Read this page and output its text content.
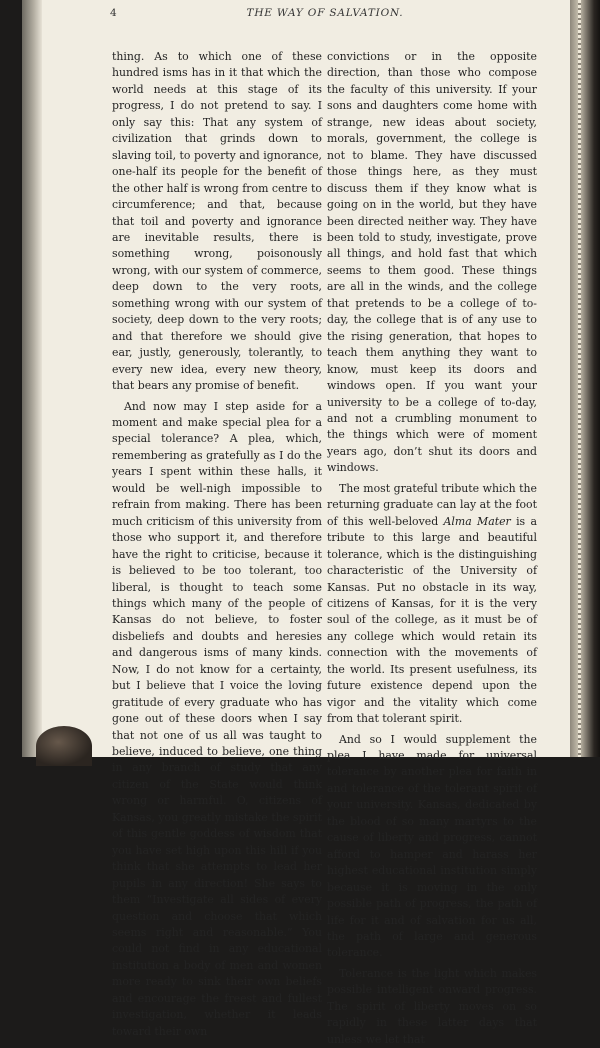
4	THE WAY OF SALVATION.

thing. As to which one of these hundred isms has in it that which the world needs at this stage of its progress, I do not pretend to say. I only say this: That any system of civilization that grinds down to slaving toil, to poverty and ignorance, one-half its people for the benefit of the other half is wrong from centre to circumference; and that, because that toil and poverty and ignorance are inevitable results, there is something wrong, poisonously wrong, with our system of commerce, deep down to the very roots, something wrong with our system of society, deep down to the very roots; and that therefore we should give ear, justly, generously, tolerantly, to every new idea, every new theory, that bears any promise of benefit.

And now may I step aside for a moment and make special plea for a special tolerance? A plea, which, remembering as gratefully as I do the years I spent within these halls, it would be well-nigh impossible to refrain from making. There has been much criticism of this university from those who support it, and therefore have the right to criticise, because it is believed to be too tolerant, too liberal, is thought to teach some things which many of the people of Kansas do not believe, to foster disbeliefs and doubts and heresies and dangerous isms of many kinds. Now, I do not know for a certainty, but I believe that I voice the loving gratitude of every graduate who has gone out of these doors when I say that not one of us all was taught to believe, induced to believe, one thing in any branch of study that any citizen of the State would think wrong or harmful. O, citizens of Kansas, you greatly mistake the spirit of this gentle goddess of wisdom that you have set high upon this hill if you think that she attempts to lead her pupils in any direction! She says to them “Investigate all sides of every question and choose that which seems right and reasonable.” You could not find in any educational institution a body of men and women more ready to sink their own beliefs and encourage the freest and fullest investigation, whether it leads toward their own

convictions or in the opposite direction, than those who compose the faculty of this university. If your sons and daughters come home with strange, new ideas about society, morals, government, the college is not to blame. They have discussed those things here, as they must discuss them if they know what is going on in the world, but they have been directed neither way. They have been told to study, investigate, prove all things, and hold fast that which seems to them good. These things are all in the winds, and the college that pretends to be a college of to-day, the college that is of any use to the rising generation, that hopes to teach them anything they want to know, must keep its doors and windows open. If you want your university to be a college of to-day, and not a crumbling monument to the things which were of moment years ago, don’t shut its doors and windows.

The most grateful tribute which the returning graduate can lay at the foot of this well-beloved Alma Mater is a tribute to this large and beautiful tolerance, which is the distinguishing characteristic of the University of Kansas. Put no obstacle in its way, citizens of Kansas, for it is the very soul of the college, as it must be of any college which would retain its connection with the movements of the world. Its present usefulness, its future existence depend upon the vigor and the vitality which come from that tolerant spirit.

And so I would supplement the plea I have made for universal tolerance by another plea for faith in and tolerance of the tolerant spirit of your university. Kansas, dedicated by the blood of so many martyrs to the cause of liberty and progress, cannot afford to hamper and harass her highest educational institution simply because it is moving in the only possible path of progress, the path of life for it and of salvation for us all, the path of large and generous tolerance.

Tolerance is the light which makes possible intelligent onward progress. The spirit of liberty moves on so rapidly in these latter days that unless we let that
